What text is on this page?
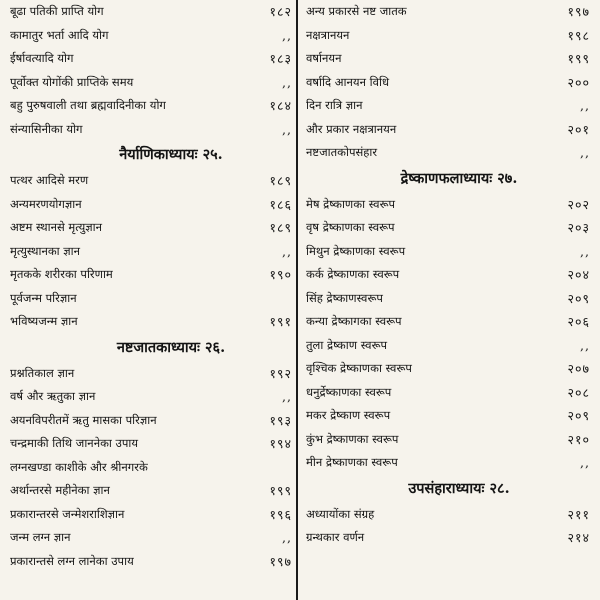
बूढा पतिकी प्राप्ति योग	१८२
कामातुर भर्ता आदि योग	,,
ईर्षावत्यादि योग	१८३
पूर्वोक्त योगोंकी प्राप्तिके समय	,,
बहु पुरुषवाली तथा ब्रह्मवादिनीका योग	१८४
संन्यासिनीका योग	,,
नैर्याणिकाध्यायः २५.
पत्थर आदिसे मरण	१८९
अन्यमरणयोगज्ञान	१८६
अष्टम स्थानसे मृत्युज्ञान	१८९
मृत्युस्थानका ज्ञान	,,
मृतकके शरीरका परिणाम	१९०
पूर्वजन्म परिज्ञान
भविष्यजन्म ज्ञान	१९१
नष्टजातकाध्यायः २६.
प्रश्नतिकाल ज्ञान	१९२
वर्ष और ऋतुका ज्ञान	,,
अयनविपरीतमें ऋतु मासका परिज्ञान	१९३
चन्द्रमाकी तिथि जाननेका उपाय	१९४
लग्नखण्डा काशीके और श्रीनगरके
अर्थान्तरसे महीनेका ज्ञान	१९९
प्रकारान्तरसे जन्मेशराशिज्ञान	१९६
जन्म लग्न ज्ञान	,,
प्रकारान्तसे लग्न लानेका उपाय	१९७
अन्य प्रकारसे नष्ट जातक	१९७
नक्षत्रानयन	१९८
वर्षानयन	१९९
वर्षादि आनयन विधि	२००
दिन रात्रि ज्ञान	,,
और प्रकार नक्षत्रानयन	२०१
नष्टजातकोपसंहार	,,
द्रेष्काणफलाध्यायः २७.
मेष द्रेष्काणका स्वरूप	२०२
वृष द्रेष्काणका स्वरूप	२०३
मिथुन द्रेष्काणका स्वरूप	,,
कर्क द्रेष्काणका स्वरूप	२०४
सिंह द्रेष्काणस्वरूप	२०९
कन्या द्रेष्कागका स्वरूप	२०६
तुला द्रेष्काण स्वरूप	,,
वृश्चिक द्रेष्काणका स्वरूप	२०७
धनुर्द्रेष्काणका स्वरूप	२०८
मकर द्रेष्काण स्वरूप	२०९
कुंभ द्रेष्काणका स्वरूप	२१०
मीन द्रेष्काणका स्वरूप	,,
उपसंहाराध्यायः २८.
अध्यायोंका संग्रह	२११
ग्रन्थकार वर्णन	२१४
